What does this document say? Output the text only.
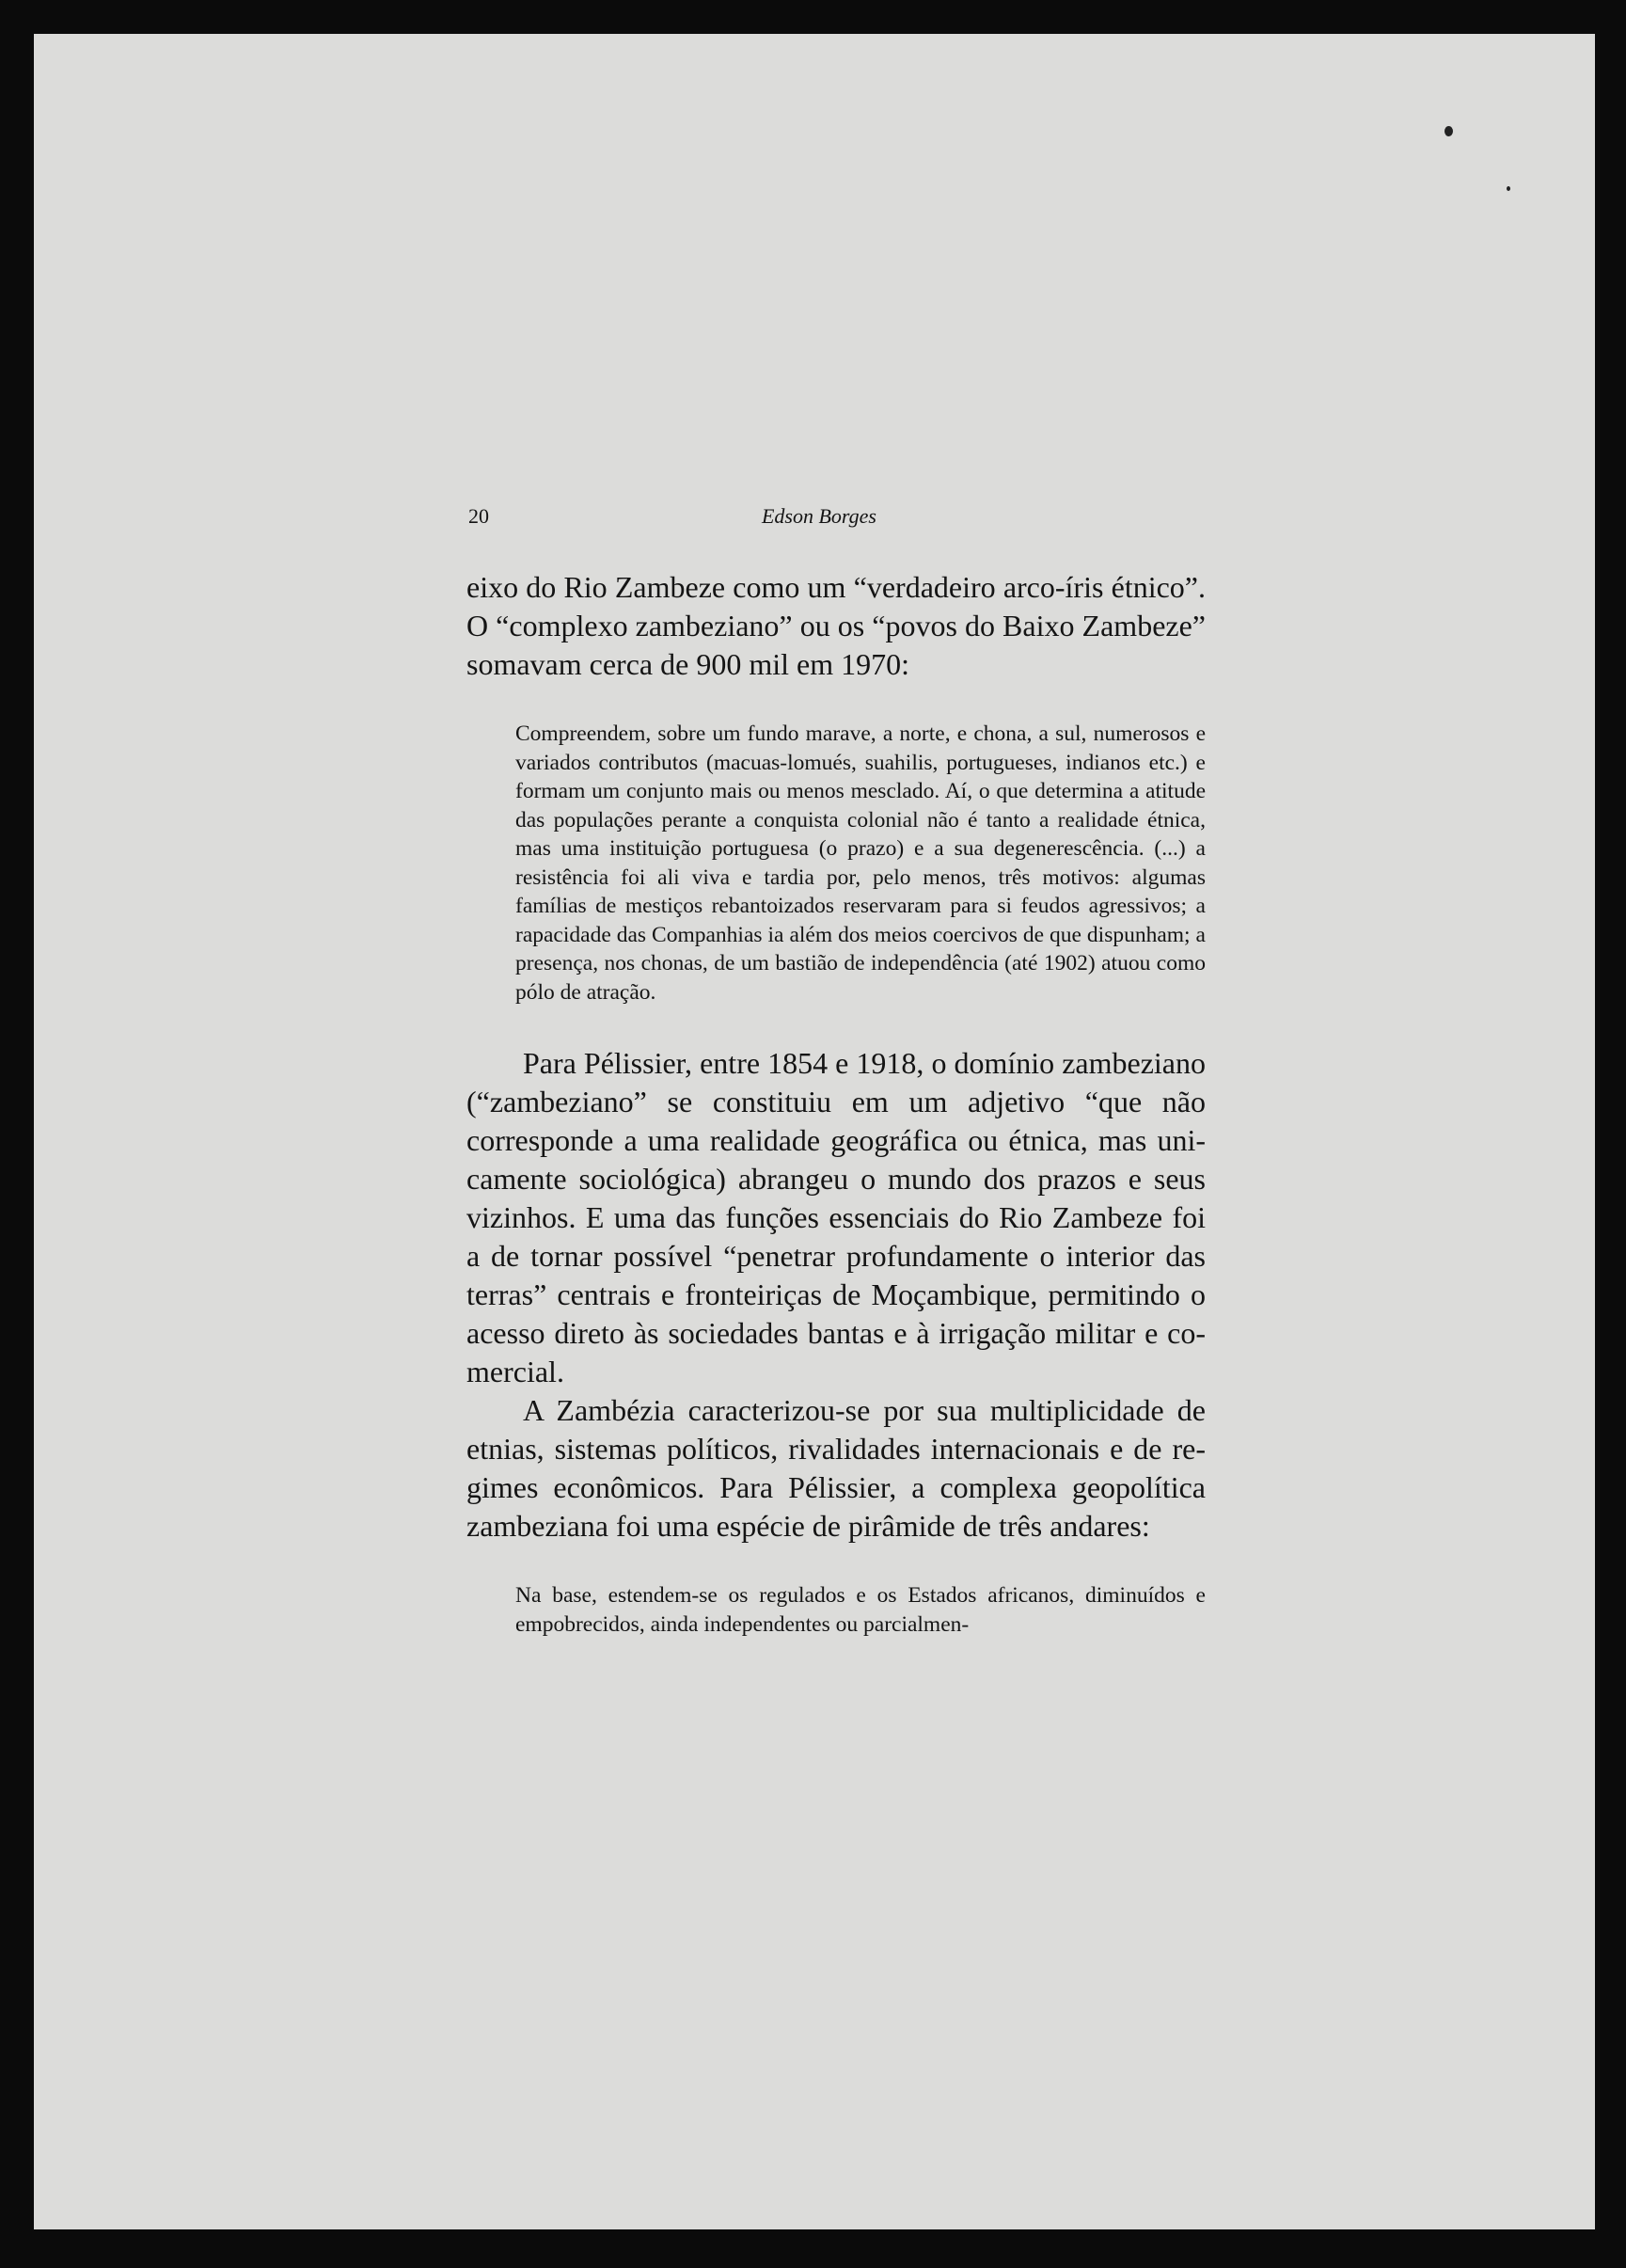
20	Edson Borges

eixo do Rio Zambeze como um “verdadeiro arco-íris étnico”. O “complexo zambeziano” ou os “povos do Baixo Zambeze” somavam cerca de 900 mil em 1970:

Compreendem, sobre um fundo marave, a norte, e chona, a sul, numerosos e variados contributos (macuas-lomués, suahilis, portugueses, indianos etc.) e formam um conjunto mais ou menos mesclado. Aí, o que determina a atitude das populações perante a conquista colonial não é tanto a realidade étnica, mas uma instituição portuguesa (o prazo) e a sua degenerescência. (...) a resistência foi ali viva e tardia por, pelo menos, três motivos: algumas famílias de mestiços rebantoizados reservaram para si feudos agressivos; a rapacidade das Companhias ia além dos meios coercivos de que dispunham; a presença, nos chonas, de um bastião de independência (até 1902) atuou como pólo de atração.

Para Pélissier, entre 1854 e 1918, o domínio zambeziano (“zambeziano” se constituiu em um adjetivo “que não corresponde a uma realidade geográfica ou étnica, mas unicamente sociológica) abrangeu o mundo dos prazos e seus vizinhos. E uma das funções essenciais do Rio Zambeze foi a de tornar possível “penetrar profundamente o interior das terras” centrais e fronteiriças de Moçambique, permitindo o acesso direto às sociedades bantas e à irrigação militar e comercial.

A Zambézia caracterizou-se por sua multiplicidade de etnias, sistemas políticos, rivalidades internacionais e de regimes econômicos. Para Pélissier, a complexa geopolítica zambeziana foi uma espécie de pirâmide de três andares:

Na base, estendem-se os regulados e os Estados africanos, diminuídos e empobrecidos, ainda independentes ou parcialmen-
